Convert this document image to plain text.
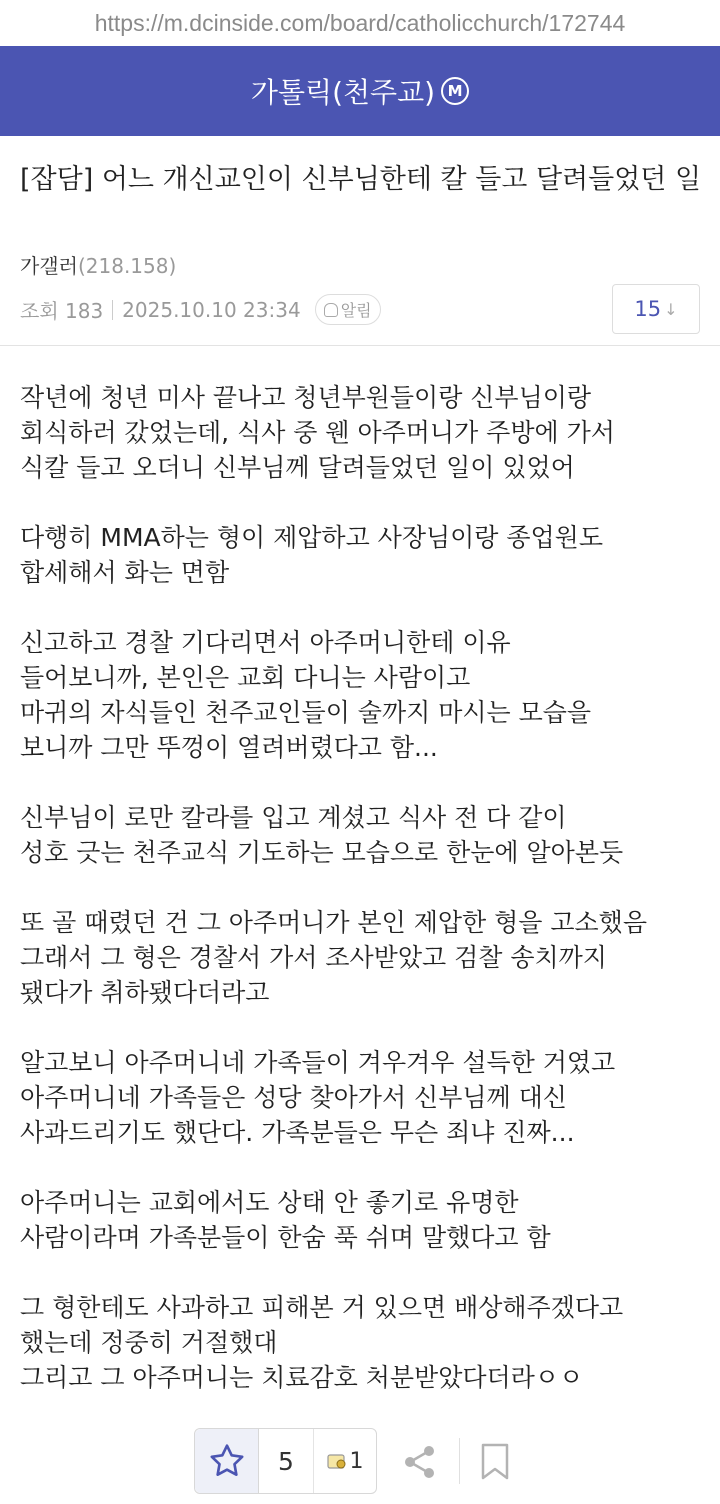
https://m.dcinside.com/board/catholicchurch/172744
가톨릭(천주교) M
[잡담] 어느 개신교인이 신부님한테 칼 들고 달려들었던 일
가갤러(218.158)
조회 183 2025.10.10 23:34	알림	15 ↓

작년에 청년 미사 끝나고 청년부원들이랑 신부님이랑
회식하러 갔었는데, 식사 중 웬 아주머니가 주방에 가서
식칼 들고 오더니 신부님께 달려들었던 일이 있었어

다행히 MMA하는 형이 제압하고 사장님이랑 종업원도
합세해서 화는 면함

신고하고 경찰 기다리면서 아주머니한테 이유
들어보니까, 본인은 교회 다니는 사람이고
마귀의 자식들인 천주교인들이 술까지 마시는 모습을
보니까 그만 뚜껑이 열려버렸다고 함...

신부님이 로만 칼라를 입고 계셨고 식사 전 다 같이
성호 긋는 천주교식 기도하는 모습으로 한눈에 알아본듯

또 골 때렸던 건 그 아주머니가 본인 제압한 형을 고소했음
그래서 그 형은 경찰서 가서 조사받았고 검찰 송치까지
됐다가 취하됐다더라고

알고보니 아주머니네 가족들이 겨우겨우 설득한 거였고
아주머니네 가족들은 성당 찾아가서 신부님께 대신
사과드리기도 했단다. 가족분들은 무슨 죄냐 진짜...

아주머니는 교회에서도 상태 안 좋기로 유명한
사람이라며 가족분들이 한숨 푹 쉬며 말했다고 함

그 형한테도 사과하고 피해본 거 있으면 배상해주겠다고
했는데 정중히 거절했대
그리고 그 아주머니는 치료감호 처분받았다더라ㅇㅇ

5	1
